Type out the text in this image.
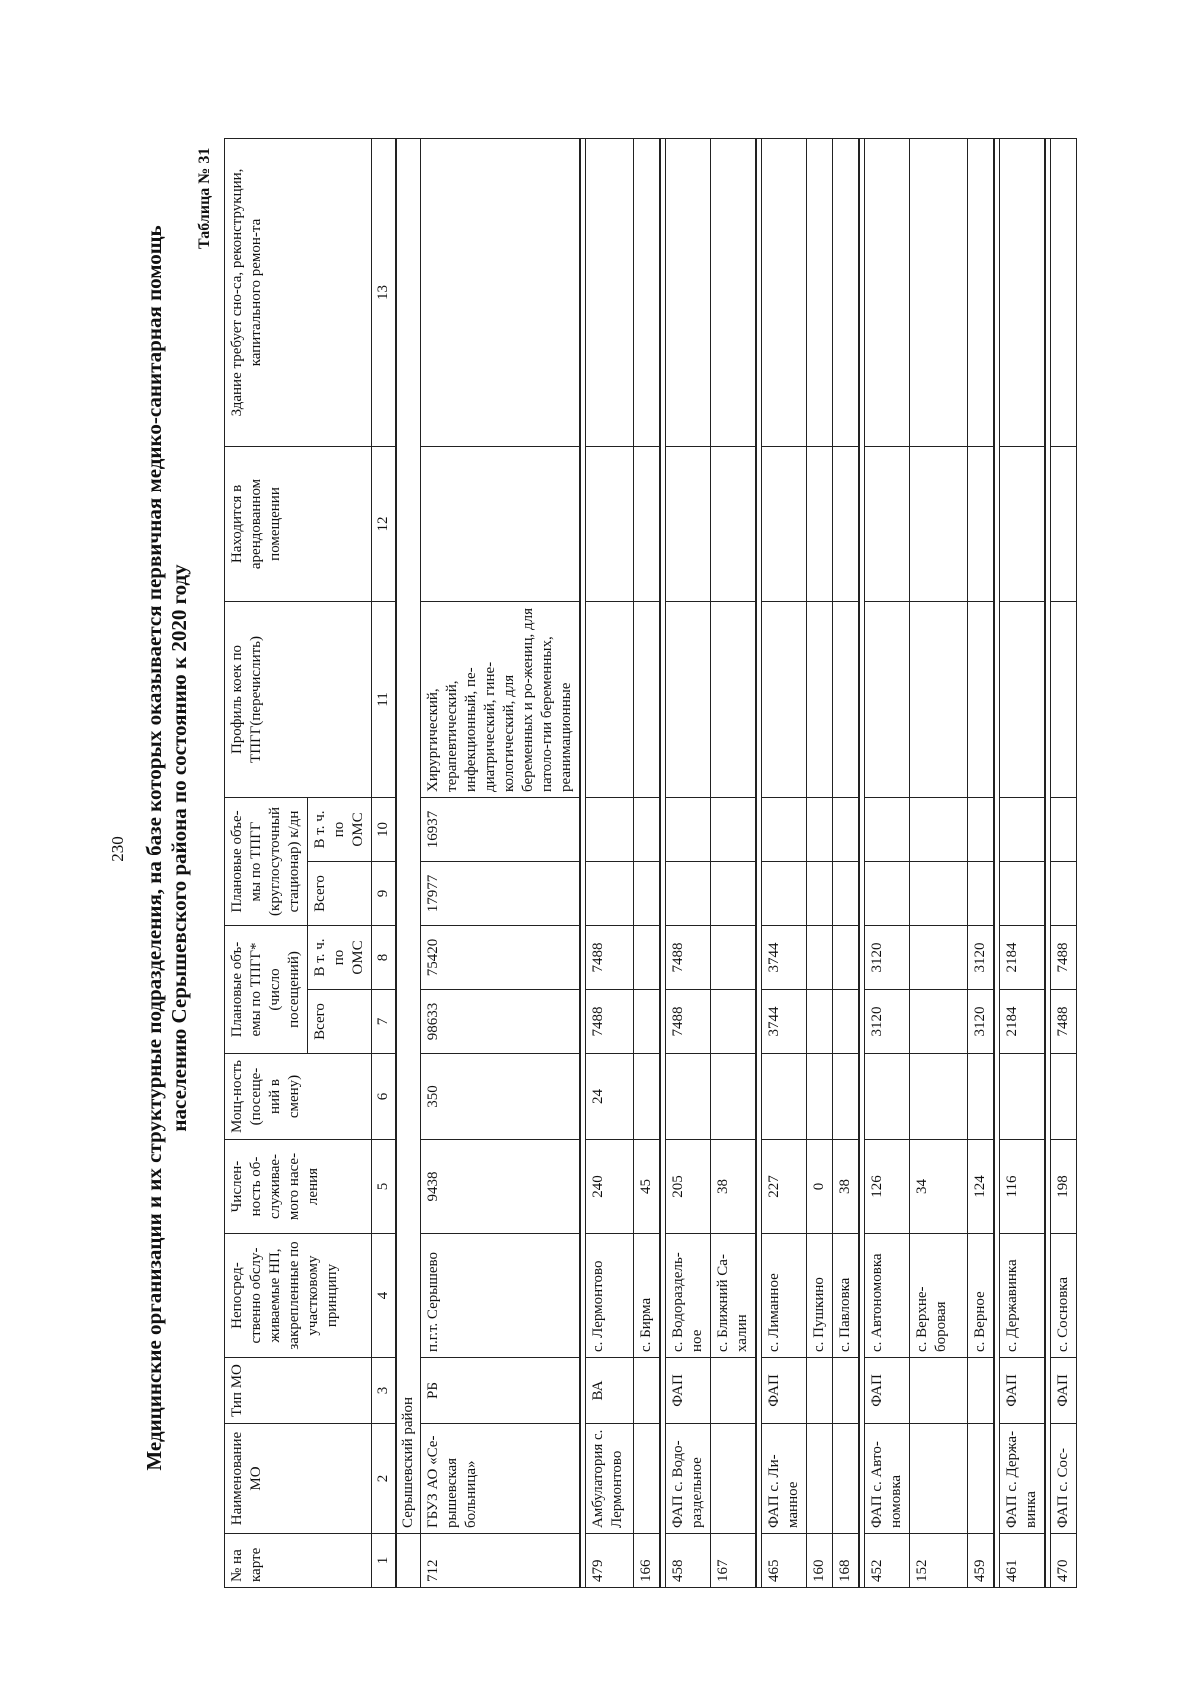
230 Медицинские организации и их структурные подразделения, на базе которых оказывается первичная медико-санитарная помощь населению Серышевского района по состоянию к 2020 году
Таблица № 31
№ на карте	Наименование МО	Тип МО	Непосред-ственно обслу-живаемые НП, закрепленные по участковому принципу	Числен-ность об-служивае-мого насе-ления	Мощ-ность (посеще-ний в смену)	Плановые объ-емы по ТПГГ*(число посещений)		Плановые объе-мы по ТПГГ (круглосуточный стационар) к/дн		Профиль коек по ТПГГ(перечислить)	Находится в арендованном помещении	Здание требует сно-са, реконструкции, капитального ремон-та
						Всего	В т. ч. по ОМС	Всего	В т. ч. по ОМС			
1	2	3	4	5	6	7	8	9	10	11	12	13
	Серышевский район											
712	ГБУЗ АО «Се-рышевская больница»	РБ	п.г.т. Серышево	9438	350	98633	75420	17977	16937	Хирургический, терапевтический, инфекционный, пе-диатрический, гине-кологический, для беременных и ро-жениц, для патоло-гии беременных, реанимационные		

479	Амбулатория с. Лермонтово	ВА	с. Лермонтово	240	24	7488	7488					
166			с. Бирма	45								

458	ФАП с. Водо-раздельное	ФАП	с. Водораздель-ное	205		7488	7488					
167			с. Ближний Са-халин	38								

465	ФАП с. Ли-манное	ФАП	с. Лиманное	227		3744	3744					
160			с. Пушкино	0								
168			с. Павловка	38								

452	ФАП с. Авто-номовка	ФАП	с. Автономовка	126		3120	3120					
152			с. Верхне-боровая	34								
459			с. Верное	124		3120	3120					

461	ФАП с. Держа-винка	ФАП	с. Державинка	116		2184	2184					

470	ФАП с. Сос-	ФАП	с. Сосновка	198		7488	7488					
